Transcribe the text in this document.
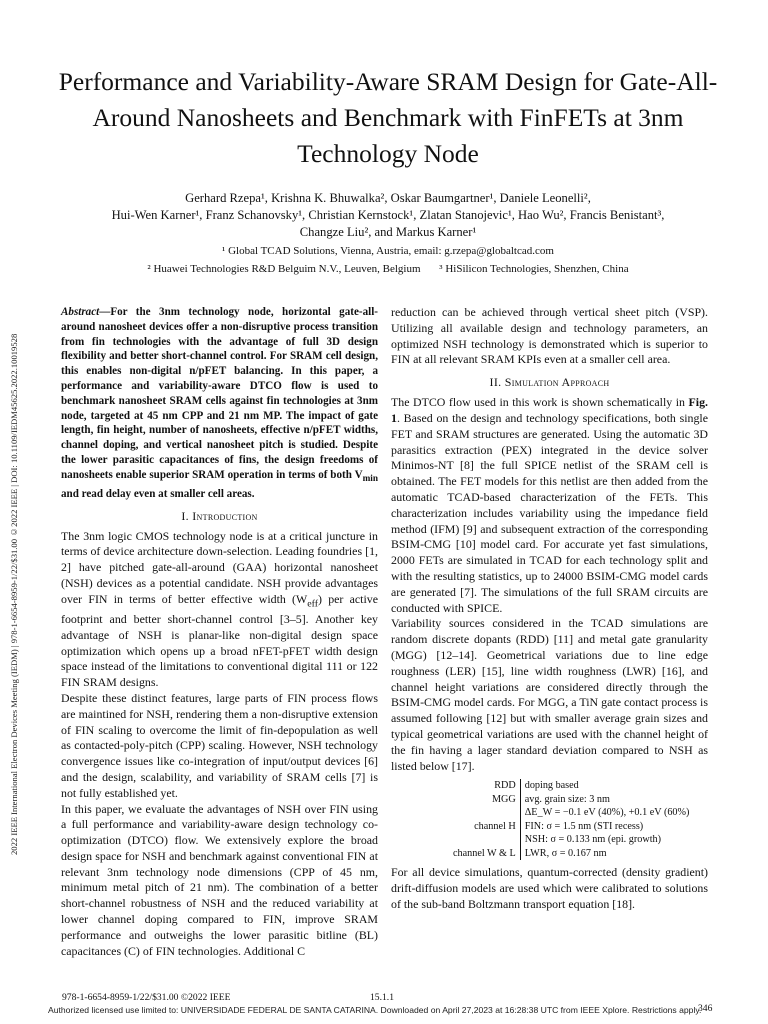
2022 IEEE International Electron Devices Meeting (IEDM) | 978-1-6654-8959-1/22/$31.00 ©2022 IEEE | DOI: 10.1109/IEDM45625.2022.10019528
Performance and Variability-Aware SRAM Design for Gate-All-Around Nanosheets and Benchmark with FinFETs at 3nm Technology Node
Gerhard Rzepa¹, Krishna K. Bhuwalka², Oskar Baumgartner¹, Daniele Leonelli²,
Hui-Wen Karner¹, Franz Schanovsky¹, Christian Kernstock¹, Zlatan Stanojevic¹, Hao Wu², Francis Benistant³,
Changze Liu², and Markus Karner¹
¹ Global TCAD Solutions, Vienna, Austria, email: g.rzepa@globaltcad.com
² Huawei Technologies R&D Belguim N.V., Leuven, Belgium ³ HiSilicon Technologies, Shenzhen, China

Abstract—For the 3nm technology node, horizontal gate-all-around nanosheet devices offer a non-disruptive process transition from fin technologies with the advantage of full 3D design flexibility and better short-channel control. For SRAM cell design, this enables non-digital n/pFET balancing. In this paper, a performance and variability-aware DTCO flow is used to benchmark nanosheet SRAM cells against fin technologies at 3nm node, targeted at 45 nm CPP and 21 nm MP. The impact of gate length, fin height, number of nanosheets, effective n/pFET widths, channel doping, and vertical nanosheet pitch is studied. Despite the lower parasitic capacitances of fins, the design freedoms of nanosheets enable superior SRAM operation in terms of both $V_{min}$ and read delay even at smaller cell areas.

I. Introduction

The 3nm logic CMOS technology node is at a critical juncture in terms of device architecture down-selection. Leading foundries [1, 2] have pitched gate-all-around (GAA) horizontal nanosheet (NSH) devices as a potential candidate. NSH provide advantages over FIN in terms of better effective width $(W_{eff})$ per active footprint and better short-channel control [3–5]. Another key advantage of NSH is planar-like non-digital design space optimization which opens up a broad nFET-pFET width design space instead of the limitations to conventional digital 111 or 122 FIN SRAM designs.

Despite these distinct features, large parts of FIN process flows are maintined for NSH, rendering them a non-disruptive extension of FIN scaling to overcome the limit of fin-depopulation as well as contacted-poly-pitch (CPP) scaling. However, NSH technology convergence issues like co-integration of input/output devices [6] and the design, scalability, and variability of SRAM cells [7] is not fully established yet.

In this paper, we evaluate the advantages of NSH over FIN using a full performance and variability-aware design technology co-optimization (DTCO) flow. We extensively explore the broad design space for NSH and benchmark against conventional FIN at relevant 3nm technology node dimensions (CPP of 45 nm, minimum metal pitch of 21 nm). The combination of a better short-channel robustness of NSH and the reduced variability at lower channel doping compared to FIN, improve SRAM performance and outweighs the lower parasitic bitline (BL) capacitances (C) of FIN technologies. Additional C

reduction can be achieved through vertical sheet pitch (VSP). Utilizing all available design and technology parameters, an optimized NSH technology is demonstrated which is superior to FIN at all relevant SRAM KPIs even at a smaller cell area.

II. Simulation Approach

The DTCO flow used in this work is shown schematically in Fig. 1. Based on the design and technology specifications, both single FET and SRAM structures are generated. Using the automatic 3D parasitics extraction (PEX) integrated in the device solver Minimos-NT [8] the full SPICE netlist of the SRAM cell is obtained. The FET models for this netlist are then added from the automatic TCAD-based characterization of the FETs. This characterization includes variability using the impedance field method (IFM) [9] and subsequent extraction of the corresponding BSIM-CMG [10] model card. For accurate yet fast simulations, 2000 FETs are simulated in TCAD for each technology split and with the resulting statistics, up to 24000 BSIM-CMG model cards are generated [7]. The simulations of the full SRAM circuits are conducted with SPICE.

Variability sources considered in the TCAD simulations are random discrete dopants (RDD) [11] and metal gate granularity (MGG) [12–14]. Geometrical variations due to line edge roughness (LER) [15], line width roughness (LWR) [16], and channel height variations are considered directly through the BSIM-CMG model cards. For MGG, a TiN gate contact process is assumed following [12] but with smaller average grain sizes and typical geometrical variations are used with the channel height of the fin having a lager standard deviation compared to NSH as listed below [17].

RDD	doping based
MGG	avg. grain size: 3 nm
	ΔE_W = −0.1 eV (40%), +0.1 eV (60%)
channel H	FIN: σ = 1.5 nm (STI recess)
	NSH: σ = 0.133 nm (epi. growth)
channel W & L	LWR, σ = 0.167 nm

For all device simulations, quantum-corrected (density gradient) drift-diffusion models are used which were calibrated to solutions of the sub-band Boltzmann transport equation [18].

978-1-6654-8959-1/22/$31.00 ©2022 IEEE	15.1.1
346
Authorized licensed use limited to: UNIVERSIDADE FEDERAL DE SANTA CATARINA. Downloaded on April 27,2023 at 16:28:38 UTC from IEEE Xplore. Restrictions apply.
